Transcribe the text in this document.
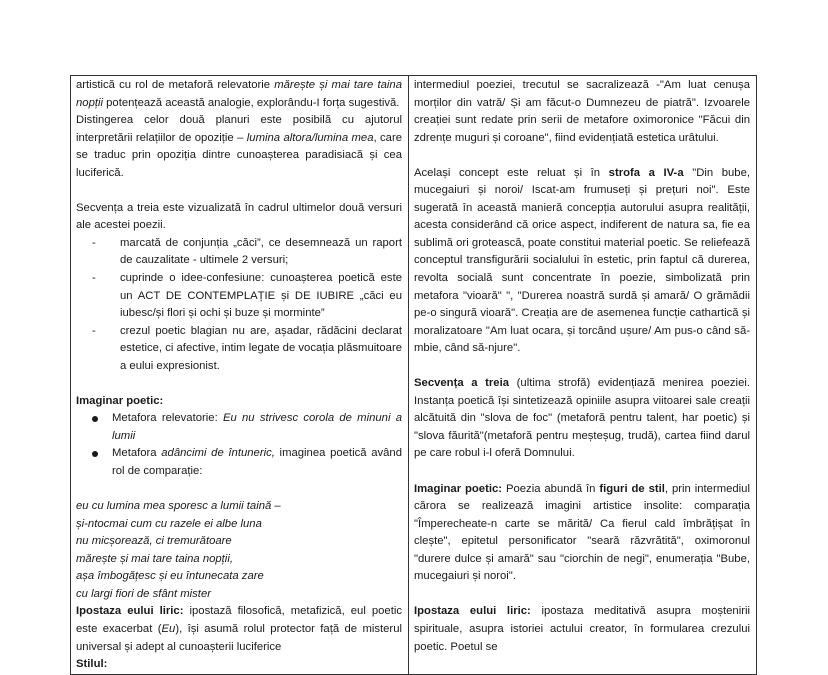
artistică cu rol de metaforă relevatorie mărește și mai tare taina nopții potențează această analogie, explorându-I forța sugestivă.

Distingerea celor două planuri este posibilă cu ajutorul interpretării relațiilor de opoziție – lumina altora/lumina mea, care se traduc prin opoziția dintre cunoașterea paradisiacă și cea luciferică.

Secvența a treia este vizualizată în cadrul ultimelor două versuri ale acestei poezii.

- marcată de conjunția „căci”, ce desemnează un raport de cauzalitate - ultimele 2 versuri;
- cuprinde o idee-confesiune: cunoașterea poetică este un ACT DE CONTEMPLAȚIE și DE IUBIRE „căci eu iubesc/și flori și ochi și buze și morminte”
- crezul poetic blagian nu are, așadar, rădăcini declarat estetice, ci afective, intim legate de vocația plăsmuitoare a eului expresionist.

Imaginar poetic:

Metafora relevatorie: Eu nu strivesc corola de minuni a lumii
Metafora adâncimi de întuneric, imaginea poetică având rol de comparație:

eu cu lumina mea sporesc a lumii taină –

și-ntocmai cum cu razele ei albe luna

nu micșorează, ci tremurătoare

mărește și mai tare taina nopții,

așa îmbogățesc și eu întunecata zare

cu largi fiori de sfânt mister

Ipostaza eului liric: ipostază filosofică, metafizică, eul poetic este exacerbat (Eu), își asumă rolul protector față de misterul universal și adept al cunoașterii luciferice

Stilul:

intermediul poeziei, trecutul se sacralizează -"Am luat cenușa morților din vatră/ Și am făcut-o Dumnezeu de piatră". Izvoarele creației sunt redate prin serii de metafore oximoronice "Făcui din zdrențe muguri și coroane", fiind evidențiată estetica urâtului.

Același concept este reluat și în strofa a IV-a "Din bube, mucegaiuri și noroi/ Iscat-am frumuseți și prețuri noi". Este sugerată în această manieră concepția autorului asupra realității, acesta considerând că orice aspect, indiferent de natura sa, fie ea sublimă ori grotească, poate constitui material poetic. Se reliefează conceptul transfigurării socialului în estetic, prin faptul că durerea, revolta socială sunt concentrate în poezie, simbolizată prin metafora "vioară" ", "Durerea noastră surdă și amară/ O grămădii pe-o singură vioară". Creația are de asemenea funcție cathartică și moralizatoare "Am luat ocara, și torcând ușure/ Am pus-o când să-mbie, când să-njure".

Secvența a treia (ultima strofă) evidențiază menirea poeziei. Instanța poetică își sintetizează opiniile asupra viitoarei sale creații alcătuită din "slova de foc" (metaforă pentru talent, har poetic) și "slova făurită"(metaforă pentru meșteșug, trudă), cartea fiind darul pe care robul i-l oferă Domnului.

Imaginar poetic: Poezia abundă în figuri de stil, prin intermediul cărora se realizează imagini artistice insolite: comparația "Împerecheate-n carte se mărită/ Ca fierul cald îmbrățișat în clește", epitetul personificator "seară răzvrătită", oximoronul "durere dulce și amară" sau "ciorchin de negi", enumerația "Bube, mucegaiuri și noroi".

Ipostaza eului liric: ipostaza meditativă asupra moștenirii spirituale, asupra istoriei actului creator, în formularea crezului poetic. Poetul se
